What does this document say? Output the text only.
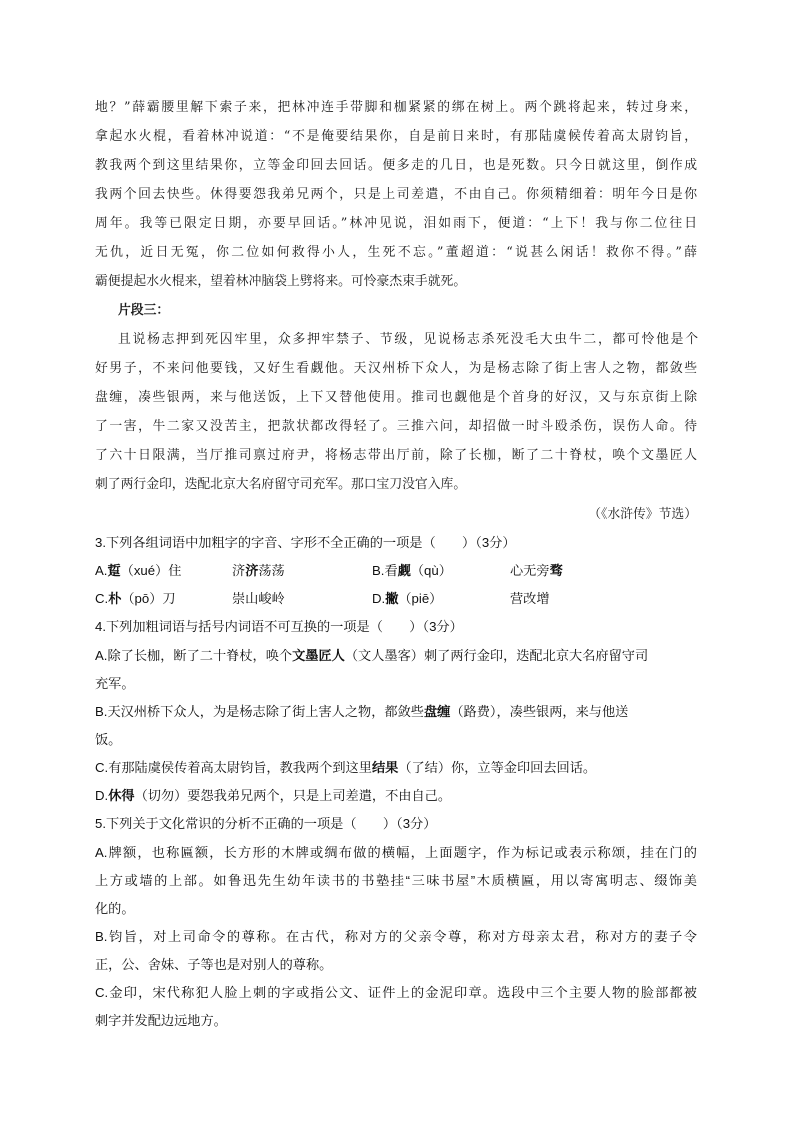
地？”薛霸腰里解下索子来，把林冲连手带脚和枷紧紧的绑在树上。两个跳将起来，转过身来，
拿起水火棍，看着林冲说道：“不是俺要结果你，自是前日来时，有那陆虞候传着高太尉钧旨，
教我两个到这里结果你，立等金印回去回话。便多走的几日，也是死数。只今日就这里，倒作成
我两个回去快些。休得要怨我弟兄两个，只是上司差遣，不由自己。你须精细着：明年今日是你
周年。我等已限定日期，亦要早回话。”林冲见说，泪如雨下，便道：“上下！我与你二位往日
无仇，近日无冤，你二位如何救得小人，生死不忘。”董超道：“说甚么闲话！救你不得。”薛
霸便提起水火棍来，望着林冲脑袋上劈将来。可怜豪杰束手就死。
片段三：
且说杨志押到死囚牢里，众多押牢禁子、节级，见说杨志杀死没毛大虫牛二，都可怜他是个
好男子，不来问他要钱，又好生看觑他。天汉州桥下众人，为是杨志除了街上害人之物，都敛些
盘缠，凑些银两，来与他送饭，上下又替他使用。推司也觑他是个首身的好汉，又与东京街上除
了一害，牛二家又没苦主，把款状都改得轻了。三推六问，却招做一时斗殴杀伤，误伤人命。待
了六十日限满，当厅推司禀过府尹，将杨志带出厅前，除了长枷，断了二十脊杖，唤个文墨匠人
刺了两行金印，迭配北京大名府留守司充军。那口宝刀没官入库。
（《水浒传》节选）
3.下列各组词语中加粗字的字音、字形不全正确的一项是（　　）（3分）
A.踅（xué）住	济济荡荡	B.看觑（qù）	心无旁骛
C.朴（pō）刀	崇山峻岭	D.撇（piē）	营改增
4.下列加粗词语与括号内词语不可互换的一项是（　　）（3分）
A.除了长枷，断了二十脊杖，唤个文墨匠人（文人墨客）刺了两行金印，迭配北京大名府留守司
充军。
B.天汉州桥下众人，为是杨志除了街上害人之物，都敛些盘缠（路费），凑些银两，来与他送
饭。
C.有那陆虞侯传着高太尉钧旨，教我两个到这里结果（了结）你，立等金印回去回话。
D.休得（切勿）要怨我弟兄两个，只是上司差遣，不由自己。
5.下列关于文化常识的分析不正确的一项是（　　）（3分）
A.牌额，也称匾额，长方形的木牌或绸布做的横幅，上面题字，作为标记或表示称颂，挂在门的
上方或墙的上部。如鲁迅先生幼年读书的书塾挂“三味书屋”木质横匾，用以寄寓明志、缀饰美
化的。
B.钧旨，对上司命令的尊称。在古代，称对方的父亲令尊，称对方母亲太君，称对方的妻子令
正，公、舍妹、子等也是对别人的尊称。
C.金印，宋代称犯人脸上刺的字或指公文、证件上的金泥印章。选段中三个主要人物的脸部都被
刺字并发配边远地方。
